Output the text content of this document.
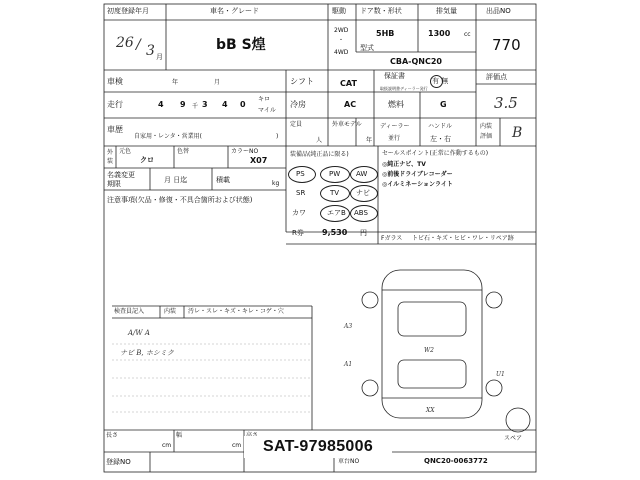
初度登録年月
26 / 3 月
車名・グレード
bB S煌
駆動
2WD
・
4WD
ドア数・形状
5HB
排気量
1300 cc
出品NO
770
型式
CBA-QNC20
車検	年	月	シフト	CAT
保証書
有 無
取扱説明書ディーラー発行
評価点
3.5
走行	4 9 千 3 4 0
キロ
マイル
冷房	AC	燃料	G
車歴
自家用・レンタ・営業用(	)
定員
人
外車モデル
年
ディーラー
並行
ハンドル
左・右
内装
評価 B
外
装
元色
クロ
色替	カラーNO
X07
名義変更
期限	月 日迄	積載	kg
注意事項(欠品・修復・不具合箇所および状態)
装備品(純正品に限る)
PS	PW AW
SR	TV ナビ
カワ	エアB ABS
R券 9,530 円
セールスポイント(正常に作動するもの)
◎純正ナビ、TV
◎前後ドライブレコーダー
◎イルミネーションライト
Fガラス トビ石・キズ・ヒビ・ワレ・リペア跡
検査員記入	内装 汚レ・スレ・キズ・キレ・コゲ・穴
A/W A
ナビ B, ホシミク
A3
W2
A1
U1
XX
スペア
長さ
cm
幅
cm
登録NO	車台NO	QNC20-0063772
SAT-97985006
